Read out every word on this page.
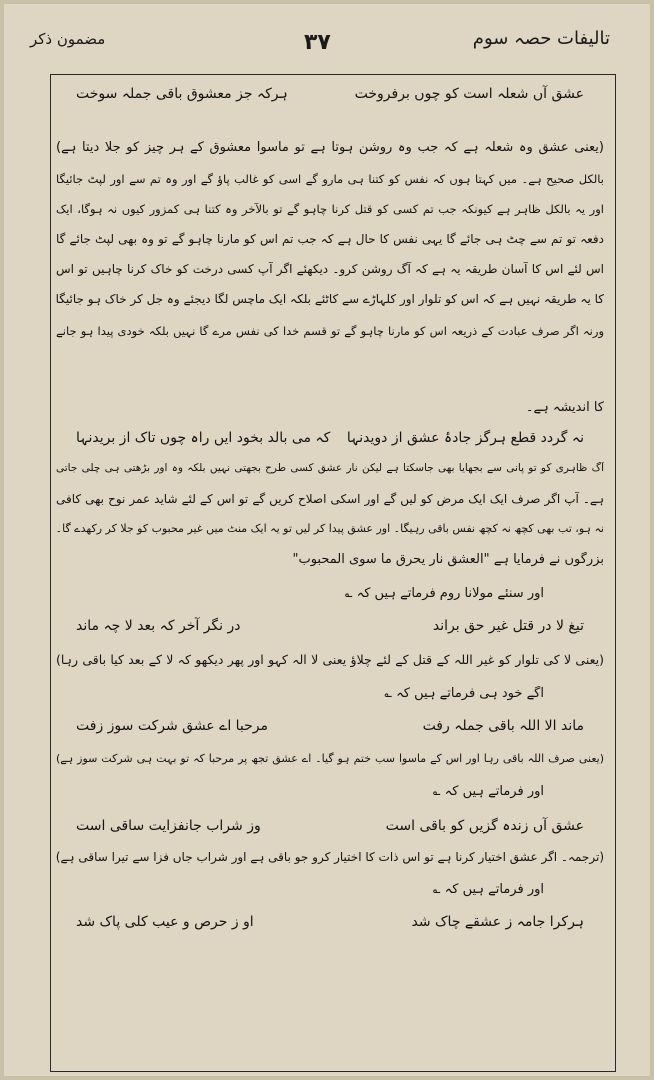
تالیفات حصہ سوم
۳۷
مضمون ذکر
عشق آں شعلہ است کو چوں برفروخت
ہرکہ جز معشوق باقی جملہ سوخت
(یعنی عشق وہ شعلہ ہے کہ جب وہ روشن ہوتا ہے تو ماسوا معشوق کے ہر چیز کو جلا دیتا ہے)
بالکل صحیح ہے۔ میں کہتا ہوں کہ نفس کو کتنا ہی مارو گے اسی کو غالب پاؤ گے اور وہ تم سے اور لپٹ جائیگا
اور یہ بالکل ظاہر ہے کیونکہ جب تم کسی کو قتل کرنا چاہو گے تو بالآخر وہ کتنا ہی کمزور کیوں نہ ہوگا، ایک
دفعہ تو تم سے چٹ ہی جائے گا یہی نفس کا حال ہے کہ جب تم اس کو مارنا چاہو گے تو وہ بھی لپٹ جائے گا
اس لئے اس کا آسان طریقہ یہ ہے کہ آگ روشن کرو۔ دیکھئے اگر آپ کسی درخت کو خاک کرنا چاہیں تو اس
کا یہ طریقہ نہیں ہے کہ اس کو تلوار اور کلہاڑے سے کاٹئے بلکہ ایک ماچس لگا دیجئے وہ جل کر خاک ہو جائیگا
ورنہ اگر صرف عبادت کے ذریعہ اس کو مارنا چاہو گے تو قسم خدا کی نفس مرے گا نہیں بلکہ خودی پیدا ہو جانے
کا اندیشہ ہے۔
نہ گردد قطع ہرگز جادۂ عشق از دویدنہا
کہ می بالد بخود ایں راہ چوں تاک از بریدنہا
آگ ظاہری کو تو پانی سے بجھایا بھی جاسکتا ہے لیکن نار عشق کسی طرح بجھتی نہیں بلکہ وہ اور بڑھتی ہی چلی جاتی
ہے۔ آپ اگر صرف ایک ایک مرض کو لیں گے اور اسکی اصلاح کریں گے تو اس کے لئے شاید عمر نوح بھی کافی
نہ ہو، تب بھی کچھ نہ کچھ نفس باقی رہیگا۔ اور عشق پیدا کر لیں تو یہ ایک منٹ میں غیر محبوب کو جلا کر رکھدے گا۔
بزرگوں نے فرمایا ہے "العشق نار یحرق ما سوی المحبوب"
اور سنئے مولانا روم فرماتے ہیں کہ ؎
تیغ لا در قتل غیر حق براند
در نگر آخر کہ بعد لا چہ ماند
(یعنی لا کی تلوار کو غیر اللہ کے قتل کے لئے چلاؤ یعنی لا الہ کہو اور پھر دیکھو کہ لا کے بعد کیا باقی رہا)
آگے خود ہی فرماتے ہیں کہ ؎
ماند الا اللہ باقی جملہ رفت
مرحبا اے عشق شرکت سوز زفت
(یعنی صرف اللہ باقی رہا اور اس کے ماسوا سب ختم ہو گیا۔ اے عشق تجھ پر مرحبا کہ تو بہت ہی شرکت سوز ہے)
اور فرماتے ہیں کہ ؎
عشق آں زندہ گزیں کو باقی است
وز شراب جانفزایت ساقی است
(ترجمہ۔ اگر عشق اختیار کرنا ہے تو اس ذات کا اختیار کرو جو باقی ہے اور شراب جاں فزا سے تیرا ساقی ہے)
اور فرماتے ہیں کہ ؎
ہرکرا جامہ ز عشقے چاک شد
او ز حرص و عیب کلی پاک شد
